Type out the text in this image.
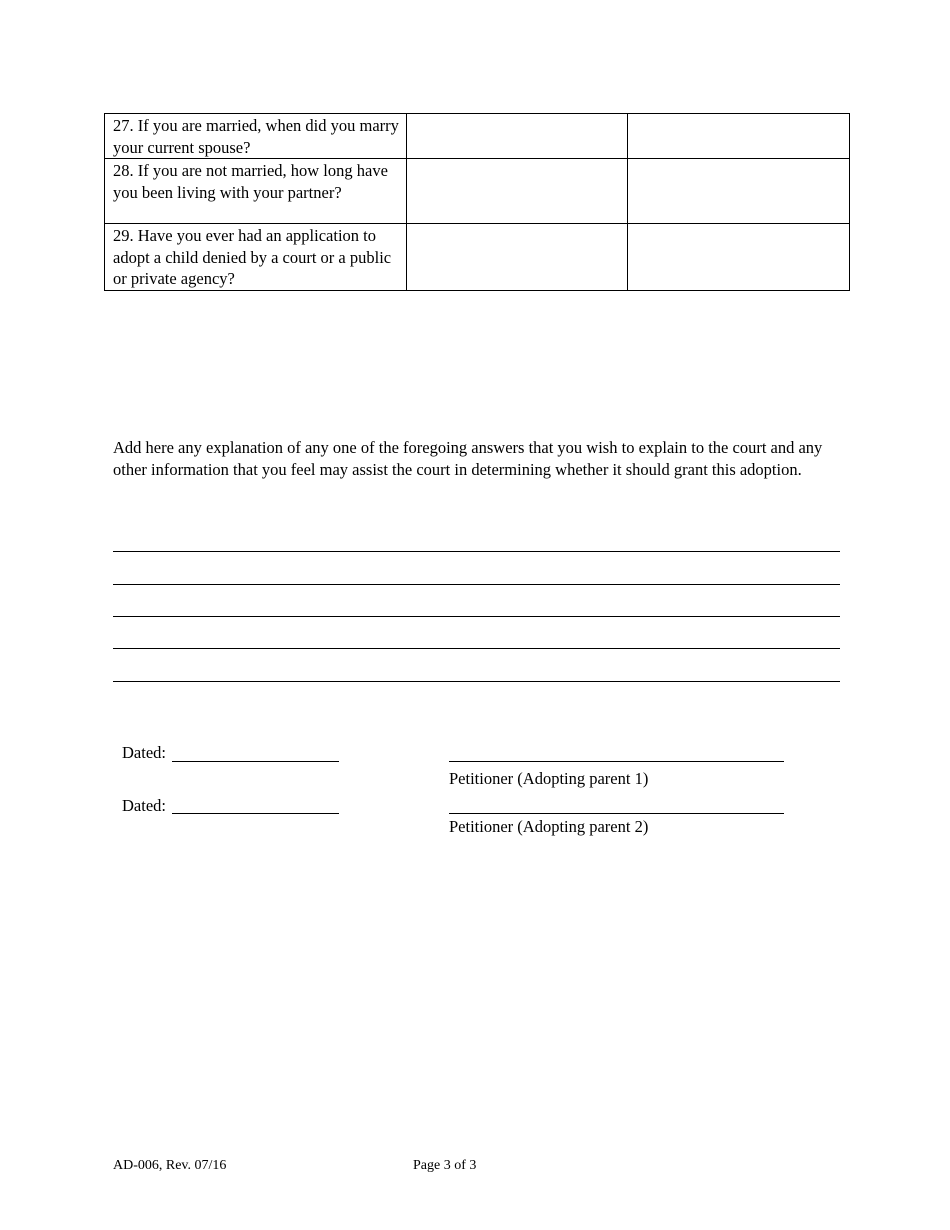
27. If you are married, when did you marry your current spouse?		
28. If you are not married, how long have you been living with your partner?		
29. Have you ever had an application to adopt a child denied by a court or a public or private agency?		

Add here any explanation of any one of the foregoing answers that you wish to explain to the court and any other information that you feel may assist the court in determining whether it should grant this adoption.

Dated:
Petitioner (Adopting parent 1)
Dated:
Petitioner (Adopting parent 2)
AD-006, Rev. 07/16	Page 3 of 3
